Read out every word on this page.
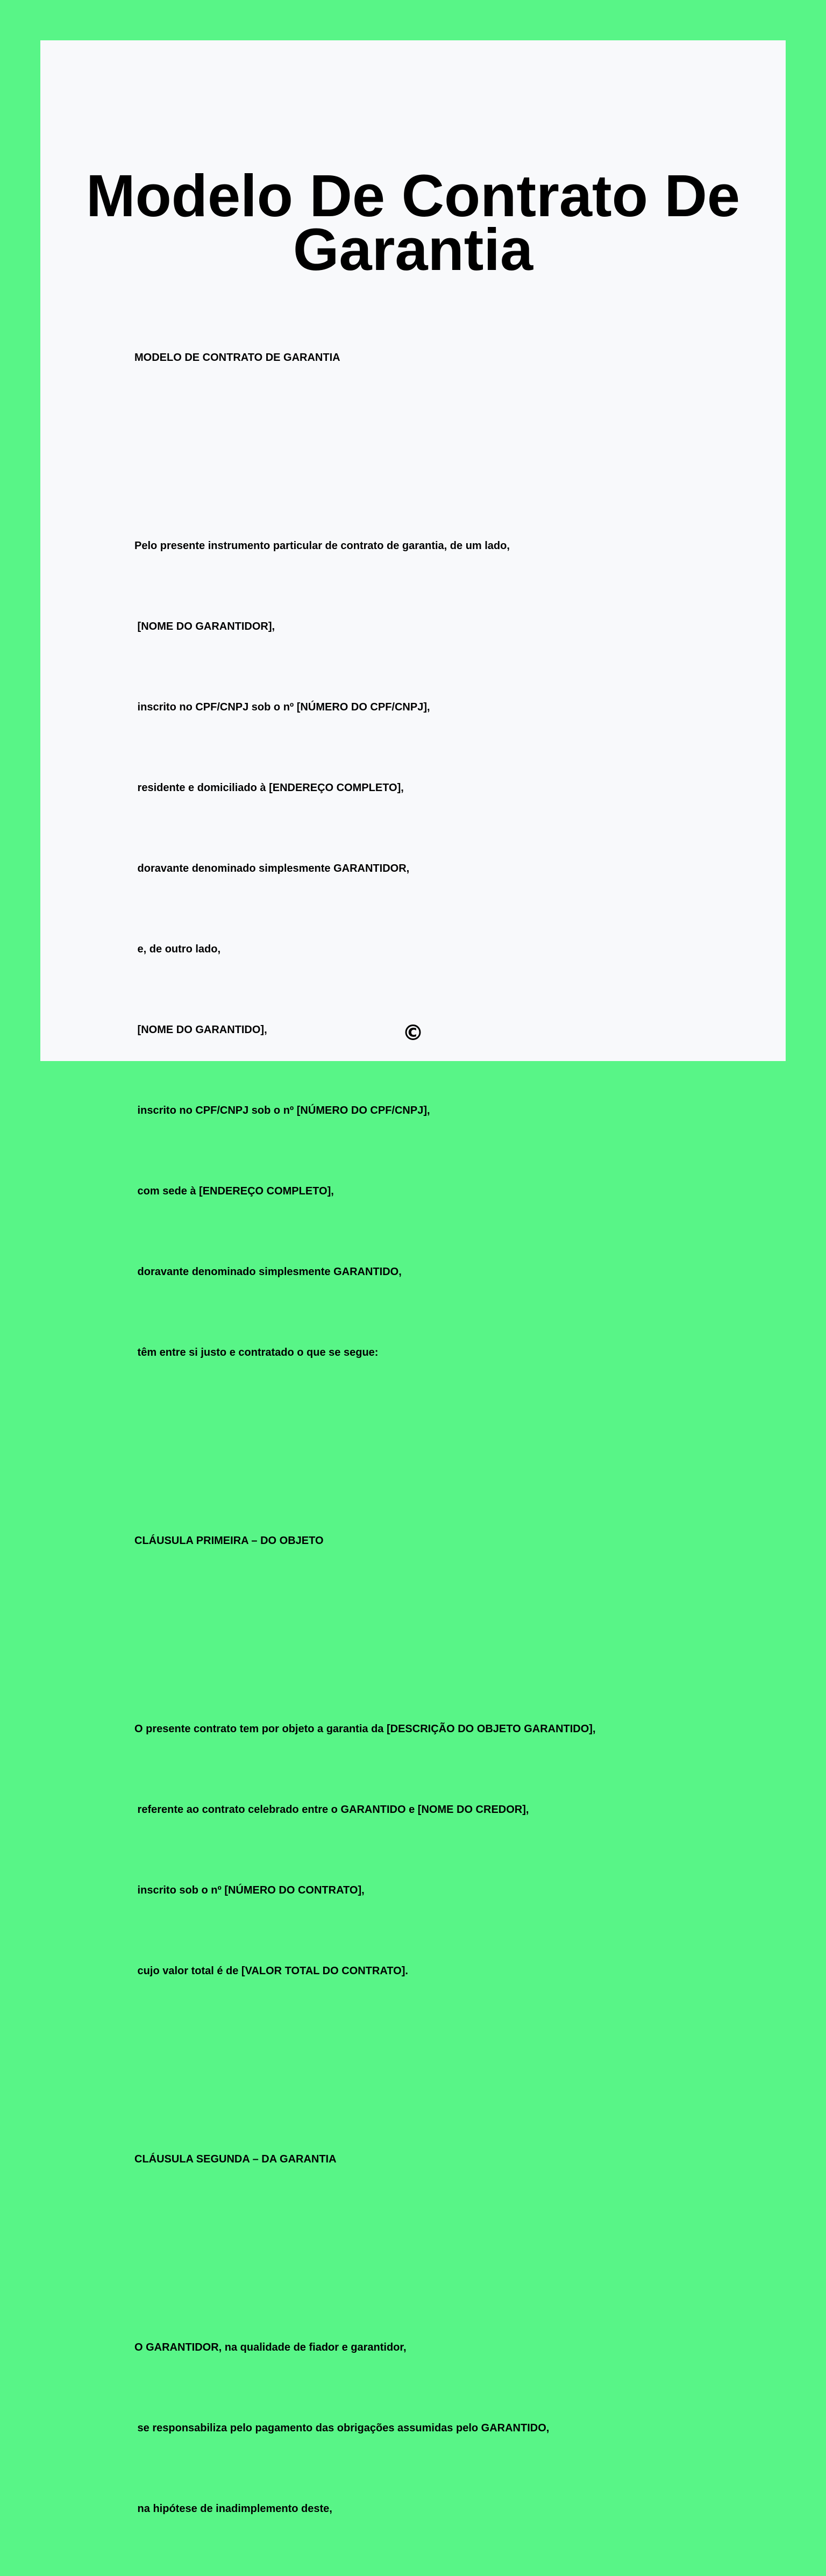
Modelo De Contrato De Garantia

MODELO DE CONTRATO DE GARANTIA

Pelo presente instrumento particular de contrato de garantia, de um lado,

[NOME DO GARANTIDOR],

inscrito no CPF/CNPJ sob o nº [NÚMERO DO CPF/CNPJ],

residente e domiciliado à [ENDEREÇO COMPLETO],

doravante denominado simplesmente GARANTIDOR,

e, de outro lado,

[NOME DO GARANTIDO],

inscrito no CPF/CNPJ sob o nº [NÚMERO DO CPF/CNPJ],

com sede à [ENDEREÇO COMPLETO],

doravante denominado simplesmente GARANTIDO,

têm entre si justo e contratado o que se segue:

CLÁUSULA PRIMEIRA – DO OBJETO

O presente contrato tem por objeto a garantia da [DESCRIÇÃO DO OBJETO GARANTIDO],

referente ao contrato celebrado entre o GARANTIDO e [NOME DO CREDOR],

inscrito sob o nº [NÚMERO DO CONTRATO],

cujo valor total é de [VALOR TOTAL DO CONTRATO].

CLÁUSULA SEGUNDA – DA GARANTIA

O GARANTIDOR, na qualidade de fiador e garantidor,

se responsabiliza pelo pagamento das obrigações assumidas pelo GARANTIDO,

na hipótese de inadimplemento deste,

©
